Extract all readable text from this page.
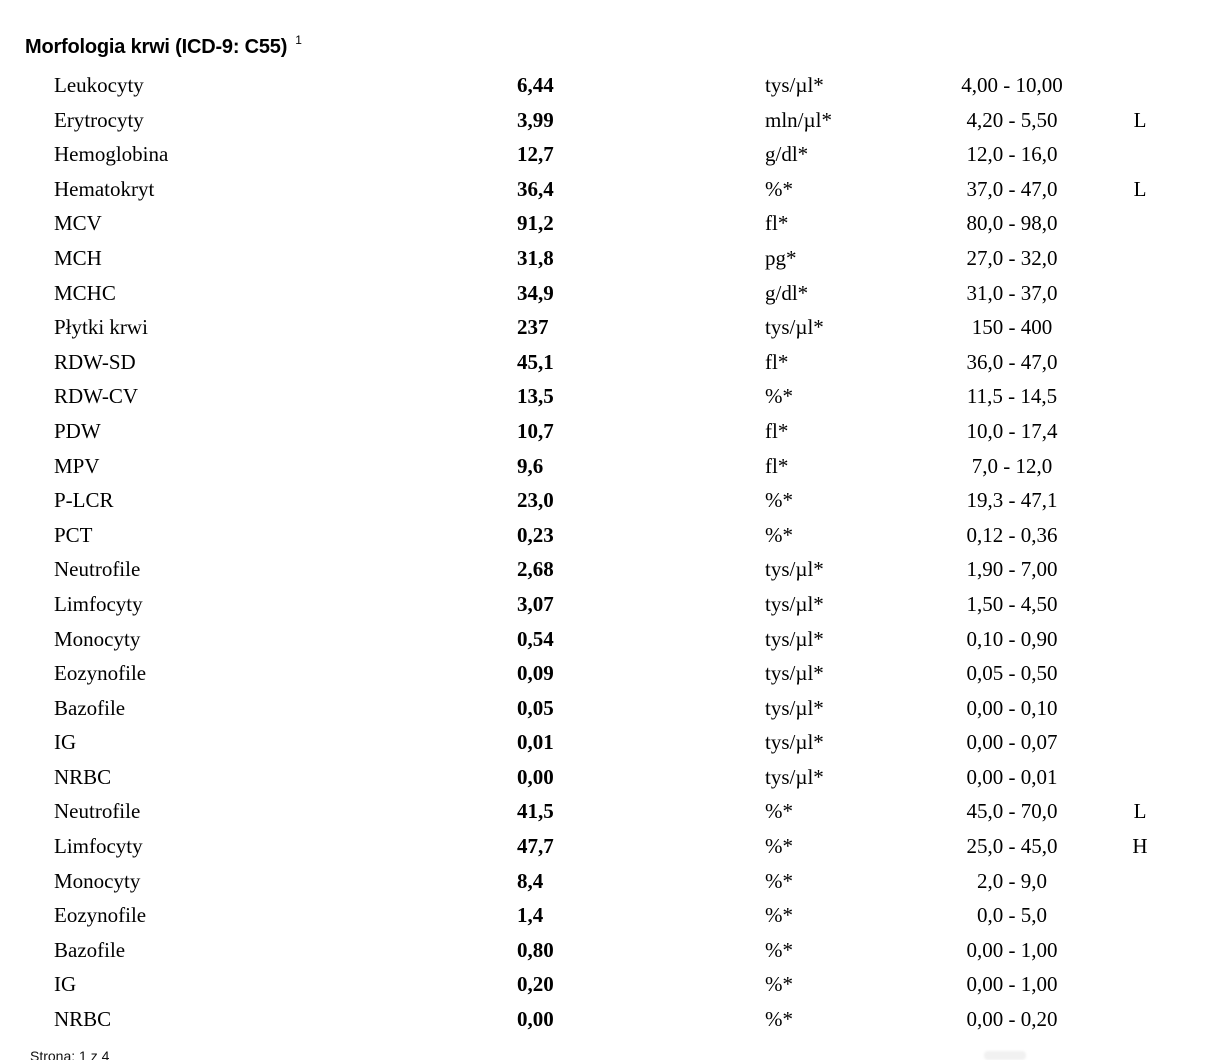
Morfologia krwi (ICD-9: C55) $^1$
Leukocyty	6,44	tys/µl*	4,00 - 10,00
Erytrocyty	3,99	mln/µl*	4,20 - 5,50	L
Hemoglobina	12,7	g/dl*	12,0 - 16,0
Hematokryt	36,4	%*	37,0 - 47,0	L
MCV	91,2	fl*	80,0 - 98,0
MCH	31,8	pg*	27,0 - 32,0
MCHC	34,9	g/dl*	31,0 - 37,0
Płytki krwi	237	tys/µl*	150 - 400
RDW-SD	45,1	fl*	36,0 - 47,0
RDW-CV	13,5	%*	11,5 - 14,5
PDW	10,7	fl*	10,0 - 17,4
MPV	9,6	fl*	7,0 - 12,0
P-LCR	23,0	%*	19,3 - 47,1
PCT	0,23	%*	0,12 - 0,36
Neutrofile	2,68	tys/µl*	1,90 - 7,00
Limfocyty	3,07	tys/µl*	1,50 - 4,50
Monocyty	0,54	tys/µl*	0,10 - 0,90
Eozynofile	0,09	tys/µl*	0,05 - 0,50
Bazofile	0,05	tys/µl*	0,00 - 0,10
IG	0,01	tys/µl*	0,00 - 0,07
NRBC	0,00	tys/µl*	0,00 - 0,01
Neutrofile	41,5	%*	45,0 - 70,0	L
Limfocyty	47,7	%*	25,0 - 45,0	H
Monocyty	8,4	%*	2,0 - 9,0
Eozynofile	1,4	%*	0,0 - 5,0
Bazofile	0,80	%*	0,00 - 1,00
IG	0,20	%*	0,00 - 1,00
NRBC	0,00	%*	0,00 - 0,20
Strona: 1 z 4
